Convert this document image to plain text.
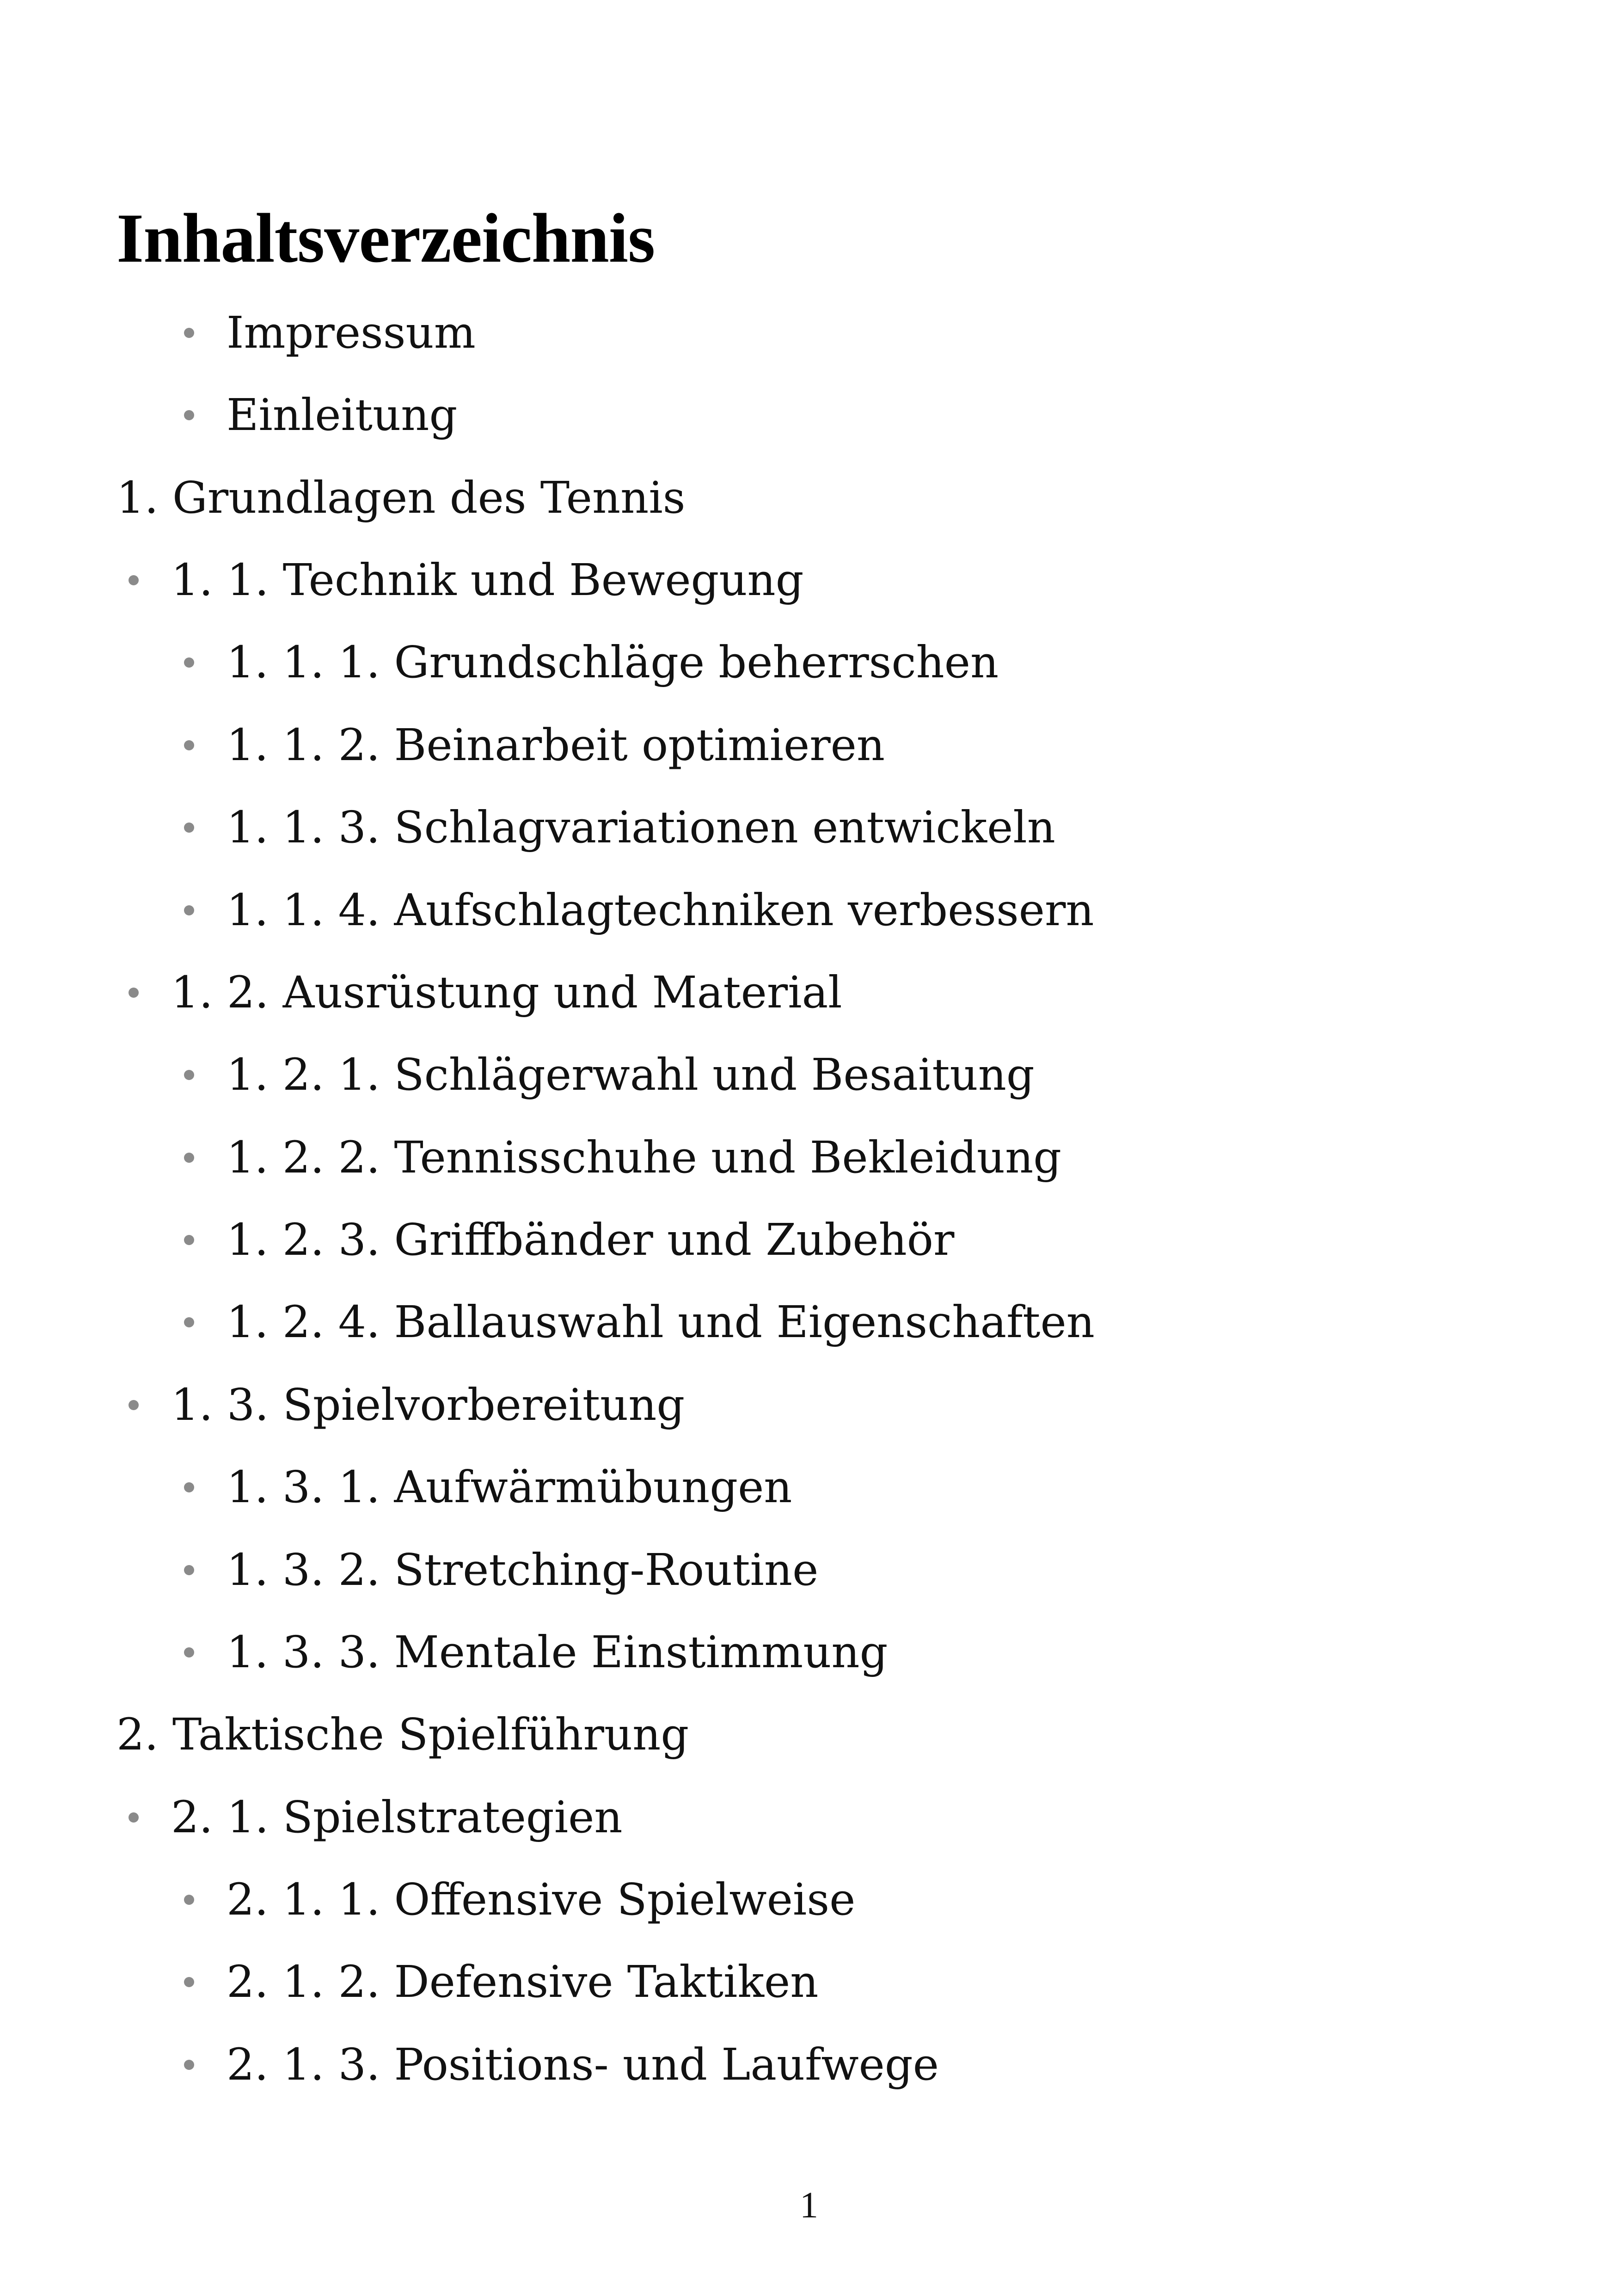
Inhaltsverzeichnis
Impressum
Einleitung
1. Grundlagen des Tennis
1. 1. Technik und Bewegung
1. 1. 1. Grundschläge beherrschen
1. 1. 2. Beinarbeit optimieren
1. 1. 3. Schlagvariationen entwickeln
1. 1. 4. Aufschlagtechniken verbessern
1. 2. Ausrüstung und Material
1. 2. 1. Schlägerwahl und Besaitung
1. 2. 2. Tennisschuhe und Bekleidung
1. 2. 3. Griffbänder und Zubehör
1. 2. 4. Ballauswahl und Eigenschaften
1. 3. Spielvorbereitung
1. 3. 1. Aufwärmübungen
1. 3. 2. Stretching-Routine
1. 3. 3. Mentale Einstimmung
2. Taktische Spielführung
2. 1. Spielstrategien
2. 1. 1. Offensive Spielweise
2. 1. 2. Defensive Taktiken
2. 1. 3. Positions- und Laufwege
1
